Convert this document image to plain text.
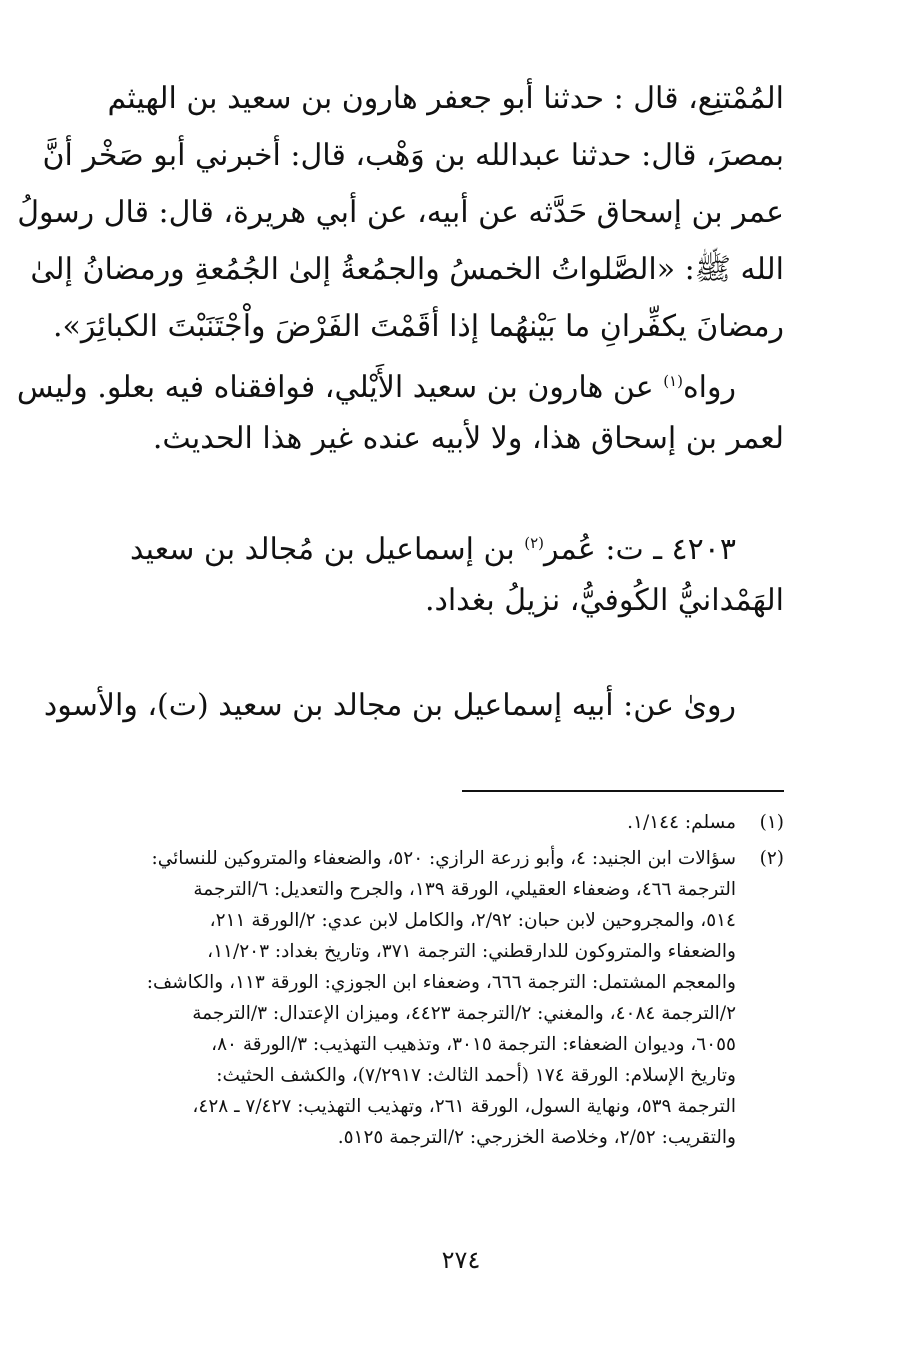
المُمْتنِع، قال : حدثنا أبو جعفر هارون بن سعيد بن الهيثم
بمصرَ، قال: حدثنا عبدالله بن وَهْب، قال: أخبرني أبو صَخْر أنَّ
عمر بن إسحاق حَدَّثه عن أبيه، عن أبي هريرة، قال: قال رسولُ
الله ﷺ: «الصَّلواتُ الخمسُ والجمُعةُ إلىٰ الجُمُعةِ ورمضانُ إلىٰ
رمضانَ يكفِّرانِ ما بَيْنهُما إذا أقَمْتَ الفَرْضَ واْجْتَنَبْتَ الكبائِرَ».
رواه$^{(١)}$ عن هارون بن سعيد الأَيْلي، فوافقناه فيه بعلو. وليس
لعمر بن إسحاق هذا، ولا لأبيه عنده غير هذا الحديث.
٤٢٠٣ ـ ت: عُمر$^{(٢)}$ بن إسماعيل بن مُجالد بن سعيد
الهَمْدانيُّ الكُوفيُّ، نزيلُ بغداد.
روىٰ عن: أبيه إسماعيل بن مجالد بن سعيد (ت)، والأسود
(١)مسلم: ١/١٤٤.
(٢)سؤالات ابن الجنيد: ٤، وأبو زرعة الرازي: ٥٢٠، والضعفاء والمتروكين للنسائي:
الترجمة ٤٦٦، وضعفاء العقيلي، الورقة ١٣٩، والجرح والتعديل: ٦/الترجمة
٥١٤، والمجروحين لابن حبان: ٢/٩٢، والكامل لابن عدي: ٢/الورقة ٢١١،
والضعفاء والمتروكون للدارقطني: الترجمة ٣٧١، وتاريخ بغداد: ١١/٢٠٣،
والمعجم المشتمل: الترجمة ٦٦٦، وضعفاء ابن الجوزي: الورقة ١١٣، والكاشف:
٢/الترجمة ٤٠٨٤، والمغني: ٢/الترجمة ٤٤٢٣، وميزان الإعتدال: ٣/الترجمة
٦٠٥٥، وديوان الضعفاء: الترجمة ٣٠١٥، وتذهيب التهذيب: ٣/الورقة ٨٠،
وتاريخ الإسلام: الورقة ١٧٤ (أحمد الثالث: ٧/٢٩١٧)، والكشف الحثيث:
الترجمة ٥٣٩، ونهاية السول، الورقة ٢٦١، وتهذيب التهذيب: ٧/٤٢٧ ـ ٤٢٨،
والتقريب: ٢/٥٢، وخلاصة الخزرجي: ٢/الترجمة ٥١٢٥.
٢٧٤
